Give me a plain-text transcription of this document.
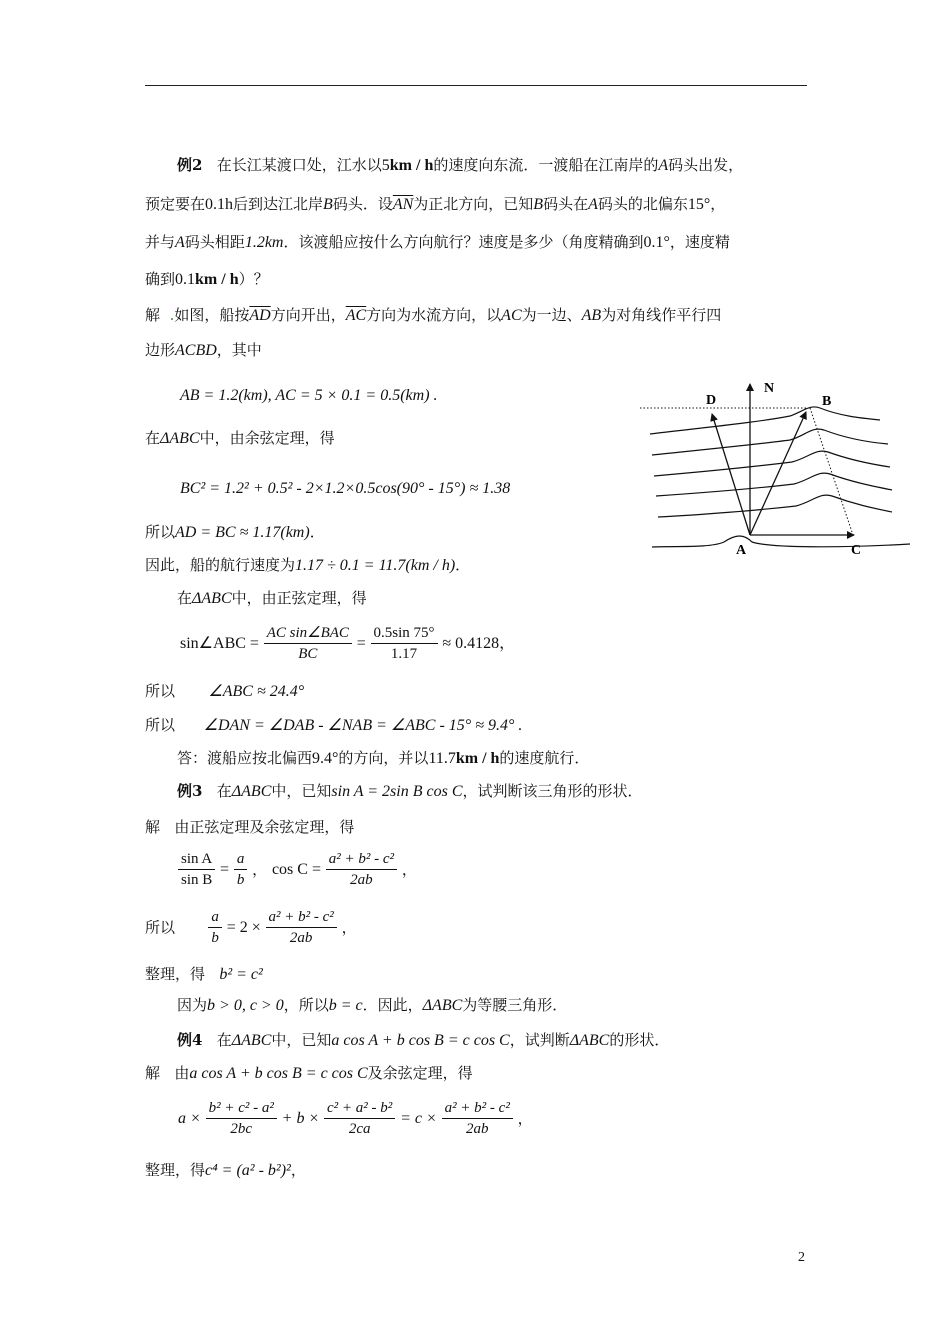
例2 在长江某渡口处，江水以5km / h的速度向东流．一渡船在江南岸的A码头出发，
预定要在0.1h后到达江北岸B码头．设$\overline{AN}$为正北方向，已知B码头在A码头的北偏东15°，
并与A码头相距1.2km．该渡船应按什么方向航行？速度是多少（角度精确到0.1°，速度精
确到0.1km / h）？
解 .如图，船按$\overline{AD}$方向开出，$\overline{AC}$方向为水流方向，以AC为一边、AB为对角线作平行四
边形ACBD，其中
AB = 1.2(km), AC = 5 × 0.1 = 0.5(km) .
在ΔABC中，由余弦定理，得
BC² = 1.2² + 0.5² - 2×1.2×0.5cos(90° - 15°) ≈ 1.38
所以AD = BC ≈ 1.17(km)．
因此，船的航行速度为1.17 ÷ 0.1 = 11.7(km / h)．
在ΔABC中，由正弦定理，得
sin∠ABC = $\frac{\text{AC sin∠BAC}}{BC} = \frac{0.5\sin 75^\circ}{1.17} \approx 0.4128$，
所以 ∠ABC ≈ 24.4°
所以 ∠DAN = ∠DAB - ∠NAB = ∠ABC - 15° ≈ 9.4° .
答：渡船应按北偏西9.4°的方向，并以11.7km / h的速度航行．
例3 在ΔABC中，已知sin A = 2sin B cos C，试判断该三角形的形状．
解 由正弦定理及余弦定理，得
$\frac{\text{sin A}}{\text{sin B}} = \frac{a}{b}$ ， $\cos C = \frac{\text{a² + b² - c²}}{2ab}$ ，
所以 $\frac{a}{b} = 2 \times \frac{\text{a² + b² - c²}}{2ab}$ ，
整理，得 b² = c²
因为b > 0, c > 0，所以b = c．因此，ΔABC为等腰三角形．
例4 在ΔABC中，已知a cos A + b cos B = c cos C，试判断ΔABC的形状．
解 由a cos A + b cos B = c cos C及余弦定理，得
$a \times \frac{\text{b² + c² - a²}}{2bc} + b \times \frac{\text{c² + a² - b²}}{2ca} = c \times \frac{\text{a² + b² - c²}}{2ab}$ ，
整理，得c⁴ = (a² - b²)²，
N
D	B
A	C
2
